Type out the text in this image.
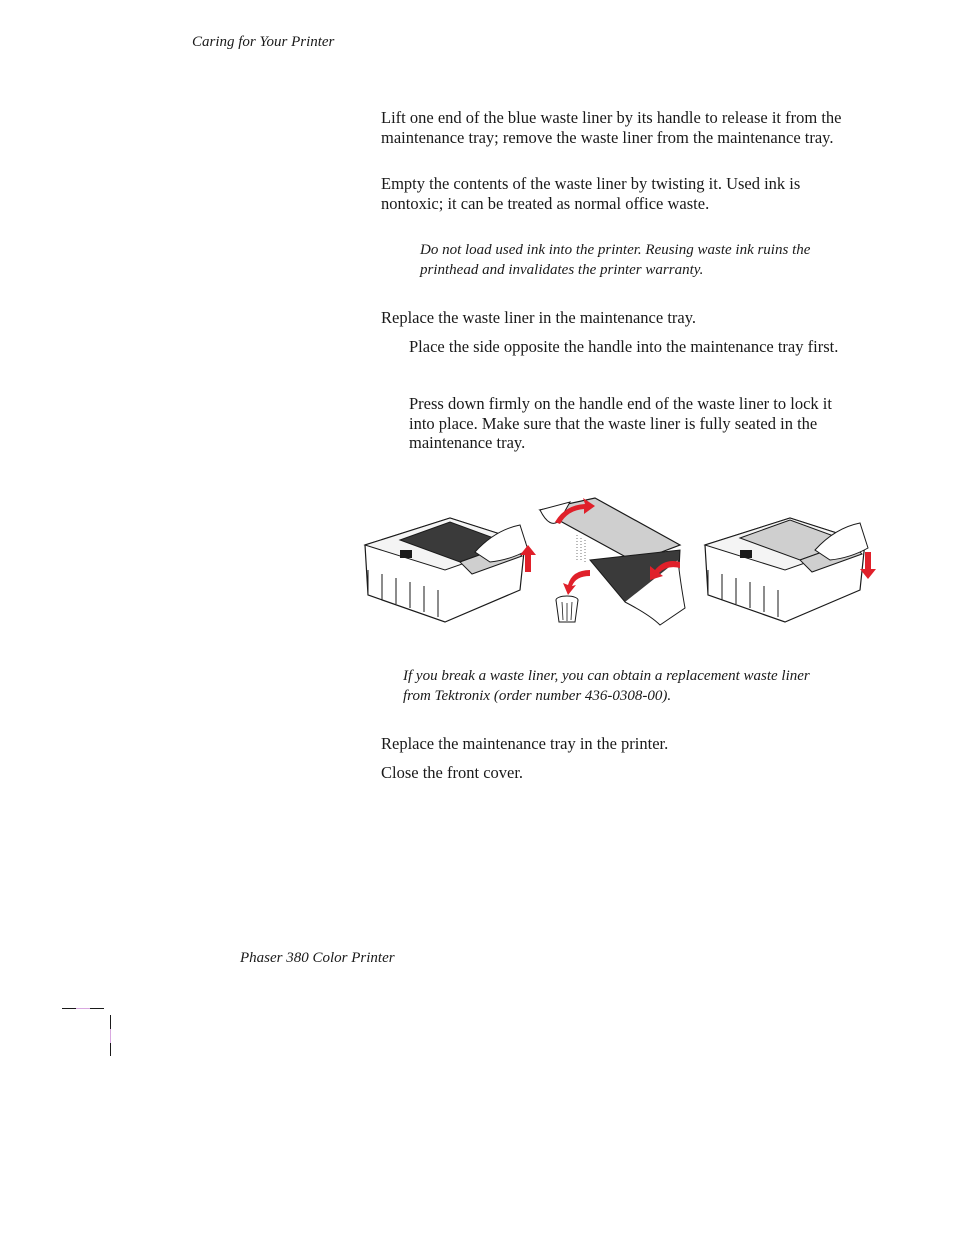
Caring for Your Printer
Lift one end of the blue waste liner by its handle to release it from the maintenance tray; remove the waste liner from the maintenance tray.
Empty the contents of the waste liner by twisting it. Used ink is nontoxic; it can be treated as normal office waste.
Do not load used ink into the printer. Reusing waste ink ruins the printhead and invalidates the printer warranty.
Replace the waste liner in the maintenance tray.
Place the side opposite the handle into the maintenance tray first.
Press down firmly on the handle end of the waste liner to lock it into place. Make sure that the waste liner is fully seated in the maintenance tray.
If you break a waste liner, you can obtain a replacement waste liner from Tektronix (order number 436-0308-00).
Replace the maintenance tray in the printer.
Close the front cover.
Phaser 380 Color Printer
